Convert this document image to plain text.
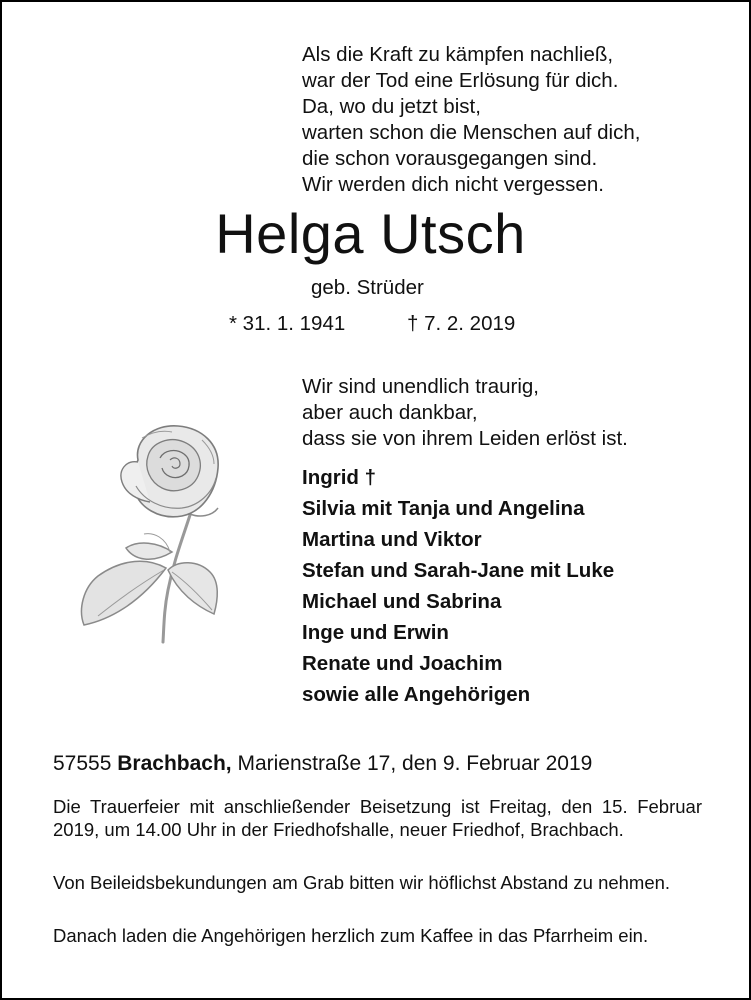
Als die Kraft zu kämpfen nachließ,
war der Tod eine Erlösung für dich.
Da, wo du jetzt bist,
warten schon die Menschen auf dich,
die schon vorausgegangen sind.
Wir werden dich nicht vergessen.
Helga Utsch
geb. Strüder
* 31. 1. 1941	† 7. 2. 2019
Wir sind unendlich traurig,
aber auch dankbar,
dass sie von ihrem Leiden erlöst ist.
Ingrid †
Silvia mit Tanja und Angelina
Martina und Viktor
Stefan und Sarah-Jane mit Luke
Michael und Sabrina
Inge und Erwin
Renate und Joachim
sowie alle Angehörigen
57555 Brachbach, Marienstraße 17, den 9. Februar 2019
Die Trauerfeier mit anschließender Beisetzung ist Freitag, den 15. Februar 2019, um 14.00 Uhr in der Friedhofshalle, neuer Friedhof, Brachbach.
Von Beileidsbekundungen am Grab bitten wir höflichst Abstand zu nehmen.
Danach laden die Angehörigen herzlich zum Kaffee in das Pfarrheim ein.
